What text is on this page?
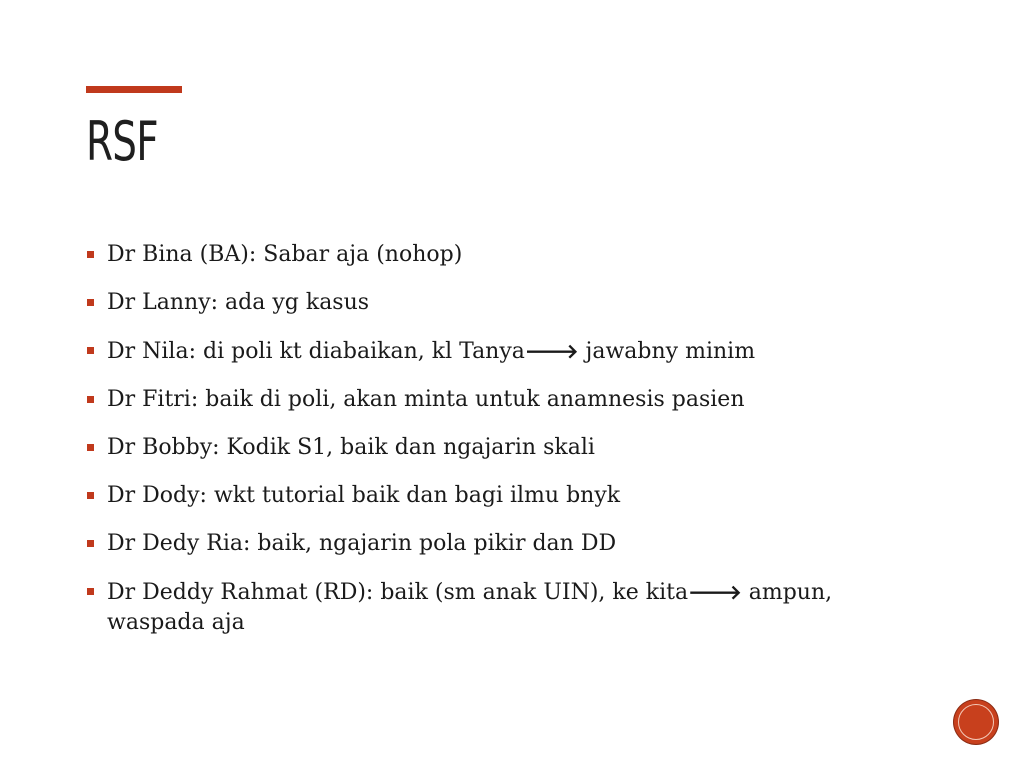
RSF
Dr Bina (BA): Sabar aja (nohop)
Dr Lanny: ada yg kasus
Dr Nila: di poli kt diabaikan, kl Tanya🡒 jawabny minim
Dr Fitri: baik di poli, akan minta untuk anamnesis pasien
Dr Bobby: Kodik S1, baik dan ngajarin skali
Dr Dody: wkt tutorial baik dan bagi ilmu bnyk
Dr Dedy Ria: baik, ngajarin pola pikir dan DD
Dr Deddy Rahmat (RD): baik (sm anak UIN), ke kita🡒 ampun, waspada aja
